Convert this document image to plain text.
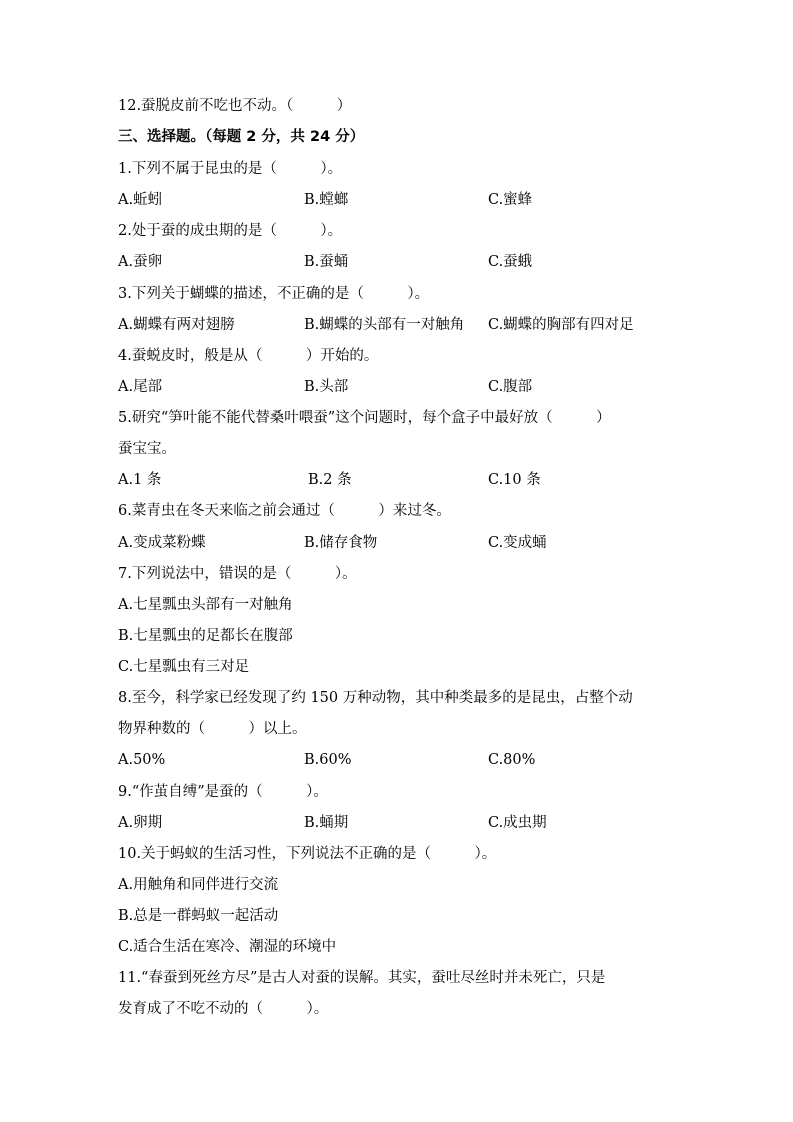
12.蚕脱皮前不吃也不动。（　　　）
三、选择题。（每题 2 分，共 24 分）
1.下列不属于昆虫的是（　　　）。
A.蚯蚓	B.螳螂	C.蜜蜂
2.处于蚕的成虫期的是（　　　）。
A.蚕卵	B.蚕蛹	C.蚕蛾
3.下列关于蝴蝶的描述，不正确的是（　　　）。
A.蝴蝶有两对翅膀	B.蝴蝶的头部有一对触角 C.蝴蝶的胸部有四对足
4.蚕蜕皮时，般是从（　　　）开始的。
A.尾部	B.头部	C.腹部
5.研究“笋叶能不能代替桑叶喂蚕”这个问题时，每个盒子中最好放（　　　）
蚕宝宝。
A.1 条	B.2 条	C.10 条
6.菜青虫在冬天来临之前会通过（　　　）来过冬。
A.变成菜粉蝶	B.储存食物	C.变成蛹
7.下列说法中，错误的是（　　　）。
A.七星瓢虫头部有一对触角
B.七星瓢虫的足都长在腹部
C.七星瓢虫有三对足
8.至今，科学家已经发现了约 150 万种动物，其中种类最多的是昆虫，占整个动
物界种数的（　　　）以上。
A.50%	B.60%	C.80%
9.“作茧自缚”是蚕的（　　　）。
A.卵期	B.蛹期	C.成虫期
10.关于蚂蚁的生活习性，下列说法不正确的是（　　　）。
A.用触角和同伴进行交流
B.总是一群蚂蚁一起活动
C.适合生活在寒冷、潮湿的环境中
11.“春蚕到死丝方尽”是古人对蚕的误解。其实，蚕吐尽丝时并未死亡，只是
发育成了不吃不动的（　　　）。
